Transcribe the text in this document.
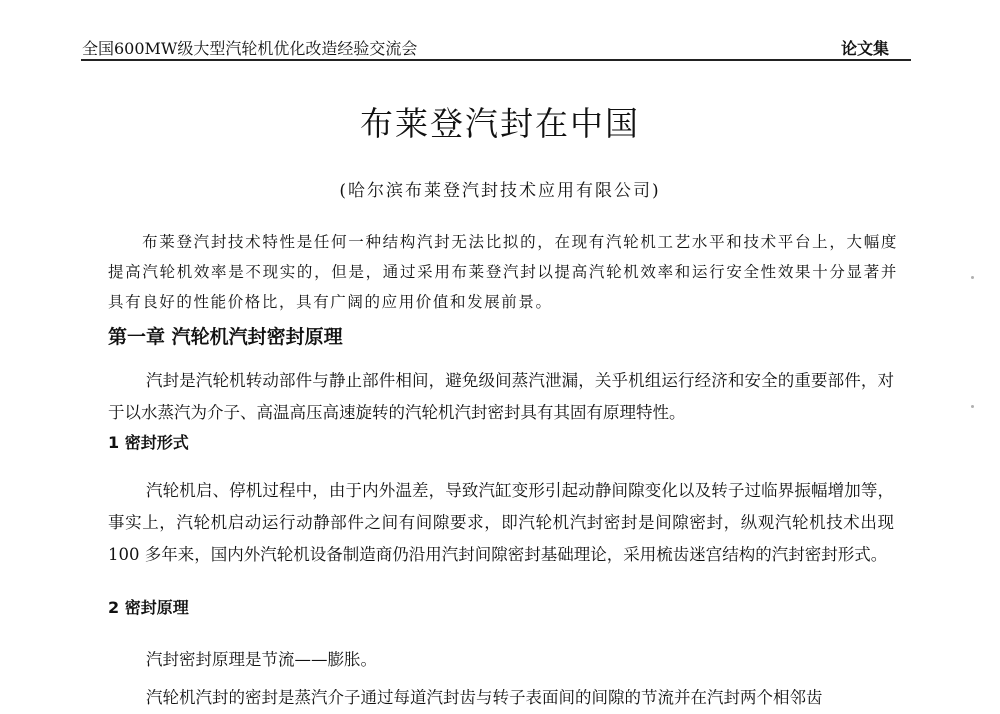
全国600MW级大型汽轮机优化改造经验交流会	论文集
布莱登汽封在中国
(哈尔滨布莱登汽封技术应用有限公司)

布莱登汽封技术特性是任何一种结构汽封无法比拟的，在现有汽轮机工艺水平和技术平台上，大幅度提高汽轮机效率是不现实的，但是，通过采用布莱登汽封以提高汽轮机效率和运行安全性效果十分显著并具有良好的性能价格比，具有广阔的应用价值和发展前景。

第一章 汽轮机汽封密封原理

汽封是汽轮机转动部件与静止部件相间，避免级间蒸汽泄漏，关乎机组运行经济和安全的重要部件，对于以水蒸汽为介子、高温高压高速旋转的汽轮机汽封密封具有其固有原理特性。

1 密封形式

汽轮机启、停机过程中，由于内外温差，导致汽缸变形引起动静间隙变化以及转子过临界振幅增加等，事实上，汽轮机启动运行动静部件之间有间隙要求，即汽轮机汽封密封是间隙密封，纵观汽轮机技术出现 100 多年来，国内外汽轮机设备制造商仍沿用汽封间隙密封基础理论，采用梳齿迷宫结构的汽封密封形式。

2 密封原理

汽封密封原理是节流——膨胀。

汽轮机汽封的密封是蒸汽介子通过每道汽封齿与转子表面间的间隙的节流并在汽封两个相邻齿
